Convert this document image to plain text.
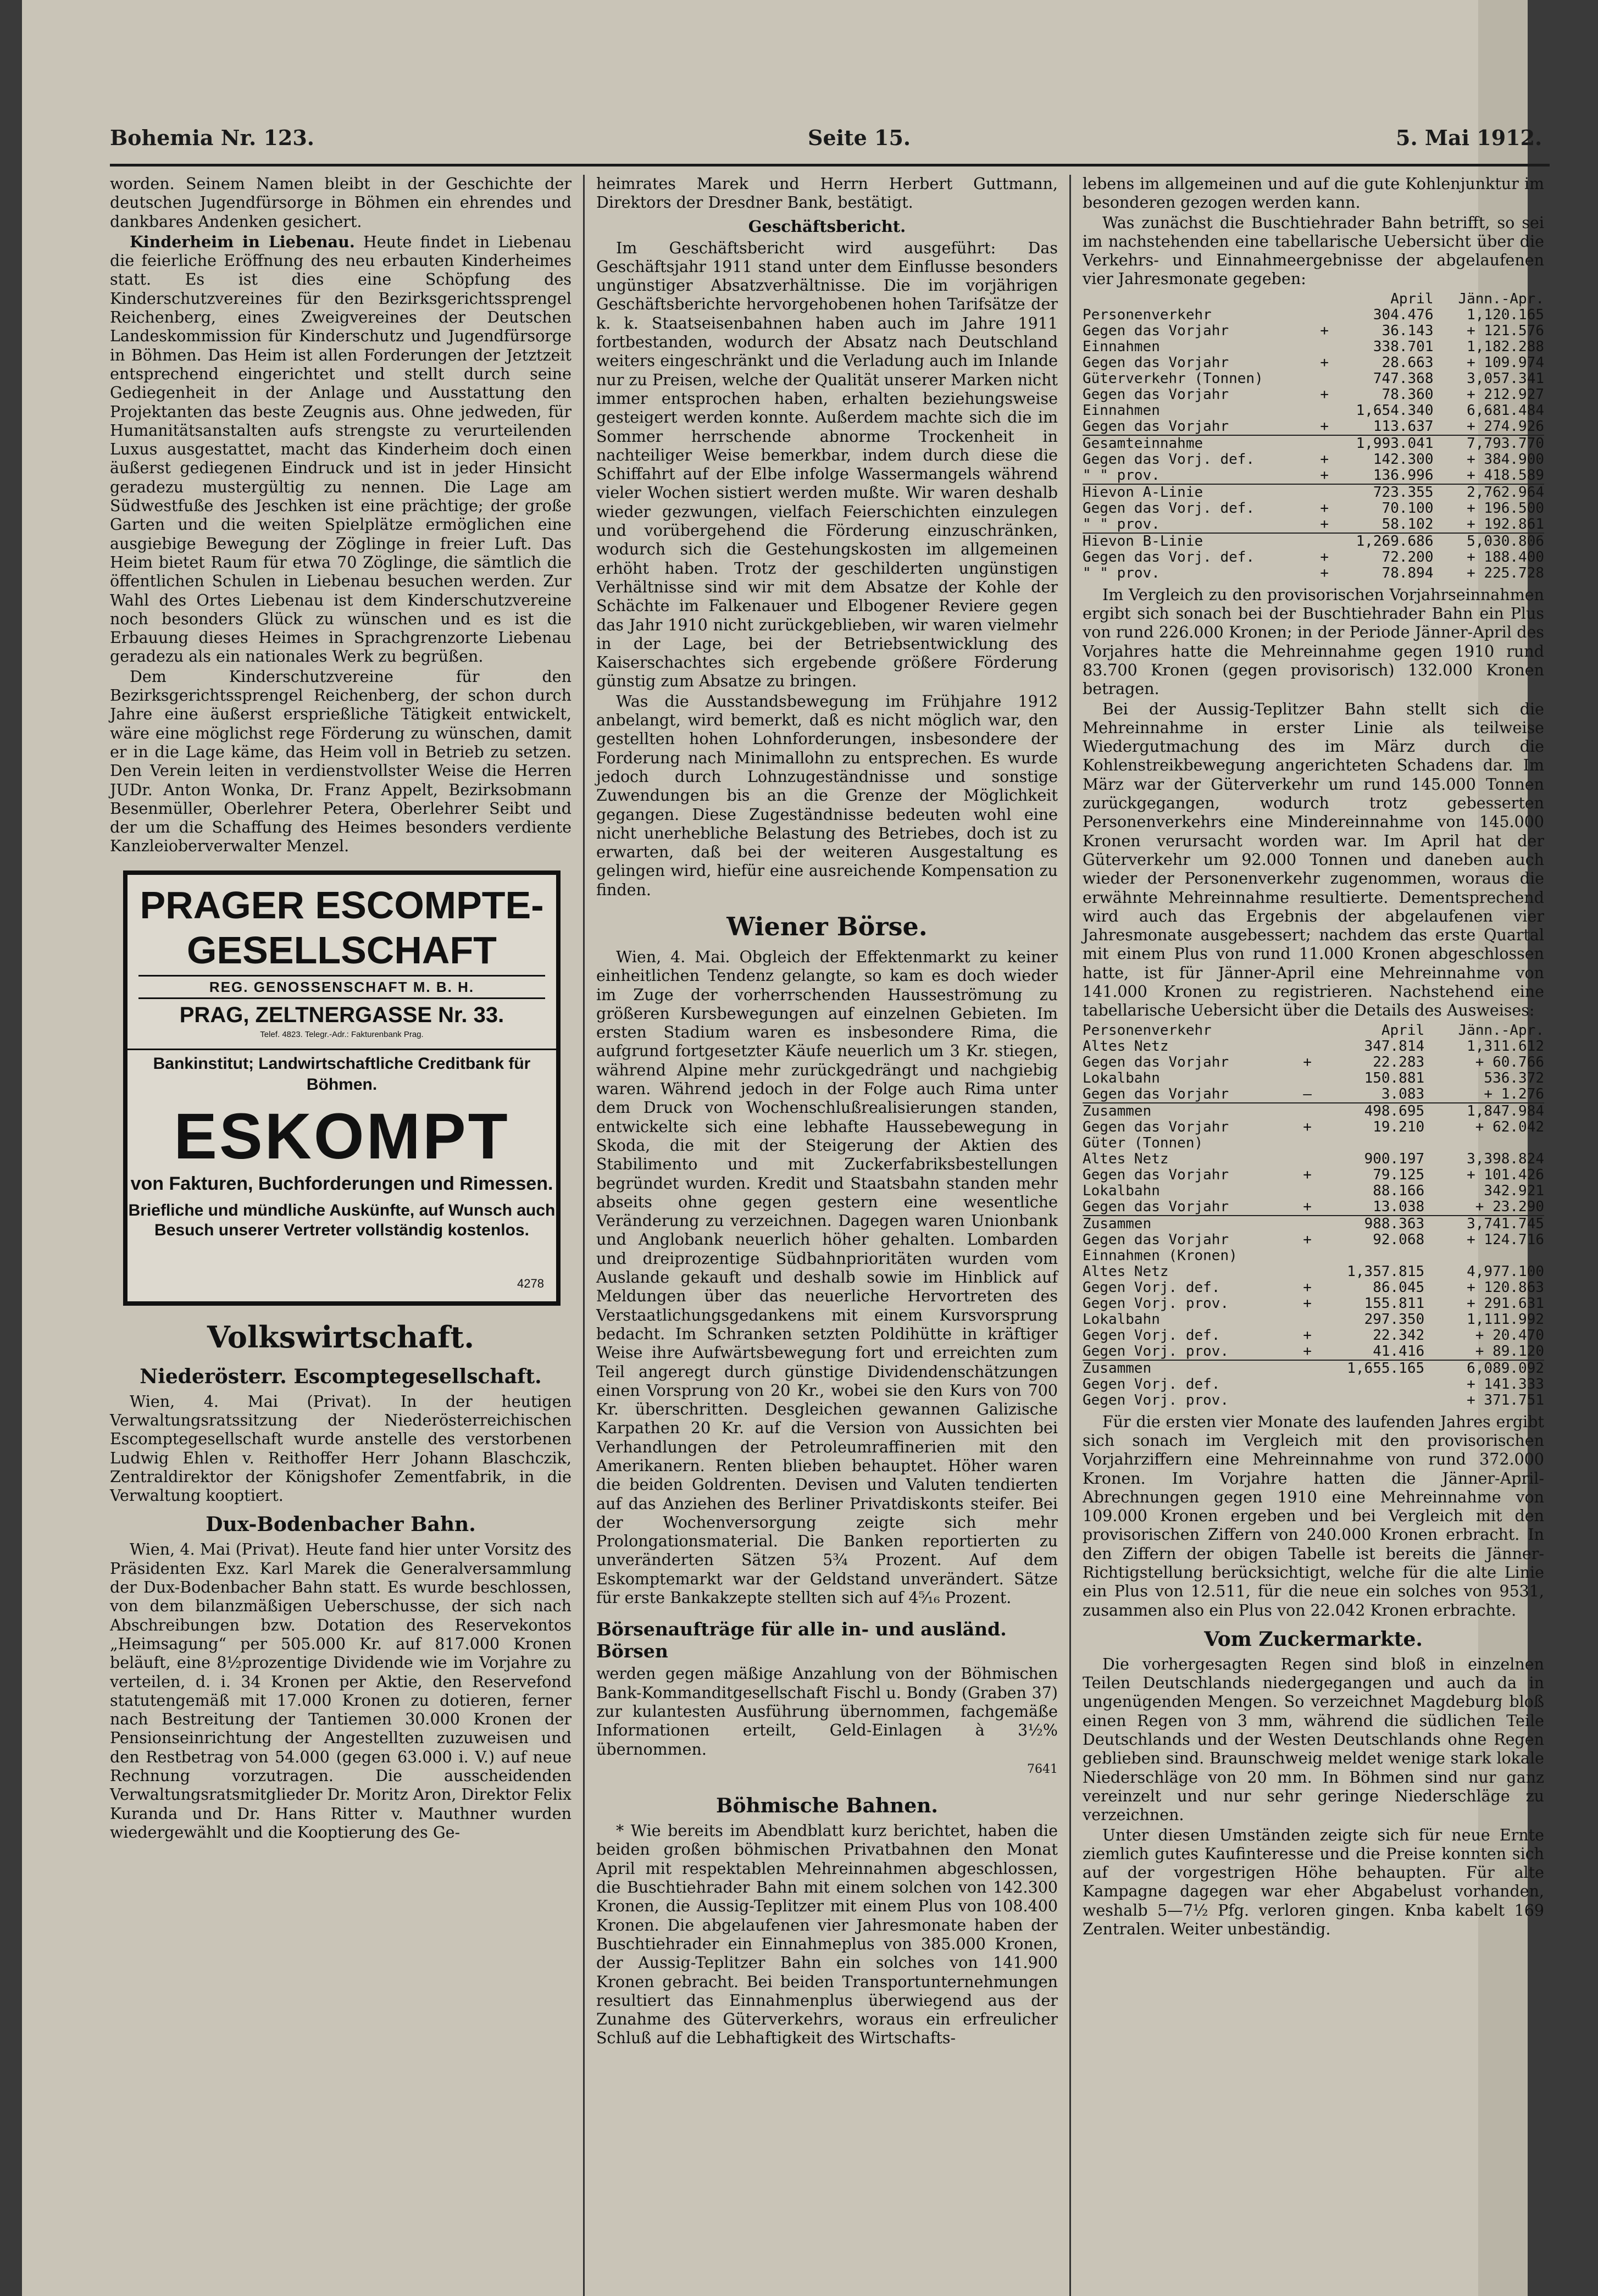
Bohemia Nr. 123.	Seite 15.	5. Mai 1912.

worden. Seinem Namen bleibt in der Geschichte der deutschen Jugendfürsorge in Böhmen ein ehrendes und dankbares Andenken gesichert.

Kinderheim in Liebenau. Heute findet in Liebenau die feierliche Eröffnung des neu erbauten Kinderheimes statt. Es ist dies eine Schöpfung des Kinderschutzvereines für den Bezirksgerichtssprengel Reichenberg, eines Zweigvereines der Deutschen Landeskommission für Kinderschutz und Jugendfürsorge in Böhmen. Das Heim ist allen Forderungen der Jetztzeit entsprechend eingerichtet und stellt durch seine Gediegenheit in der Anlage und Ausstattung den Projektanten das beste Zeugnis aus. Ohne jedweden, für Humanitätsanstalten aufs strengste zu verurteilenden Luxus ausgestattet, macht das Kinderheim doch einen äußerst gediegenen Eindruck und ist in jeder Hinsicht geradezu mustergültig zu nennen. Die Lage am Südwestfuße des Jeschken ist eine prächtige; der große Garten und die weiten Spielplätze ermöglichen eine ausgiebige Bewegung der Zöglinge in freier Luft. Das Heim bietet Raum für etwa 70 Zöglinge, die sämtlich die öffentlichen Schulen in Liebenau besuchen werden. Zur Wahl des Ortes Liebenau ist dem Kinderschutzvereine noch besonders Glück zu wünschen und es ist die Erbauung dieses Heimes in Sprachgrenzorte Liebenau geradezu als ein nationales Werk zu begrüßen.

Dem Kinderschutzvereine für den Bezirksgerichtssprengel Reichenberg, der schon durch Jahre eine äußerst ersprießliche Tätigkeit entwickelt, wäre eine möglichst rege Förderung zu wünschen, damit er in die Lage käme, das Heim voll in Betrieb zu setzen. Den Verein leiten in verdienstvollster Weise die Herren JUDr. Anton Wonka, Dr. Franz Appelt, Bezirksobmann Besenmüller, Oberlehrer Petera, Oberlehrer Seibt und der um die Schaffung des Heimes besonders verdiente Kanzleioberverwalter Menzel.

PRAGER ESCOMPTE-
GESELLSCHAFT
REG. GENOSSENSCHAFT M. B. H.
PRAG, ZELTNERGASSE Nr. 33.
Telef. 4823. Telegr.-Adr.: Fakturenbank Prag.
Bankinstitut; Landwirtschaftliche Creditbank für Böhmen.
ESKOMPT
von Fakturen, Buchforderungen und Rimessen.
Briefliche und mündliche Auskünfte, auf Wunsch auch Besuch unserer Vertreter vollständig kostenlos.
4278
Volkswirtschaft.
Niederösterr. Escomptegesellschaft.

Wien, 4. Mai (Privat). In der heutigen Verwaltungsratssitzung der Niederösterreichischen Escomptegesellschaft wurde anstelle des verstorbenen Ludwig Ehlen v. Reithoffer Herr Johann Blaschczik, Zentraldirektor der Königshofer Zementfabrik, in die Verwaltung kooptiert.

Dux-Bodenbacher Bahn.

Wien, 4. Mai (Privat). Heute fand hier unter Vorsitz des Präsidenten Exz. Karl Marek die Generalversammlung der Dux-Bodenbacher Bahn statt. Es wurde beschlossen, von dem bilanzmäßigen Ueberschusse, der sich nach Abschreibungen bzw. Dotation des Reservekontos „Heimsagung“ per 505.000 Kr. auf 817.000 Kronen beläuft, eine 8½prozentige Dividende wie im Vorjahre zu verteilen, d. i. 34 Kronen per Aktie, den Reservefond statutengemäß mit 17.000 Kronen zu dotieren, ferner nach Bestreitung der Tantiemen 30.000 Kronen der Pensionseinrichtung der Angestellten zuzuweisen und den Restbetrag von 54.000 (gegen 63.000 i. V.) auf neue Rechnung vorzutragen. Die ausscheidenden Verwaltungsratsmitglieder Dr. Moritz Aron, Direktor Felix Kuranda und Dr. Hans Ritter v. Mauthner wurden wiedergewählt und die Kooptierung des Ge-

heimrates Marek und Herrn Herbert Guttmann, Direktors der Dresdner Bank, bestätigt.

Geschäftsbericht.

Im Geschäftsbericht wird ausgeführt: Das Geschäftsjahr 1911 stand unter dem Einflusse besonders ungünstiger Absatzverhältnisse. Die im vorjährigen Geschäftsberichte hervorgehobenen hohen Tarifsätze der k. k. Staatseisenbahnen haben auch im Jahre 1911 fortbestanden, wodurch der Absatz nach Deutschland weiters eingeschränkt und die Verladung auch im Inlande nur zu Preisen, welche der Qualität unserer Marken nicht immer entsprochen haben, erhalten beziehungsweise gesteigert werden konnte. Außerdem machte sich die im Sommer herrschende abnorme Trockenheit in nachteiliger Weise bemerkbar, indem durch diese die Schiffahrt auf der Elbe infolge Wassermangels während vieler Wochen sistiert werden mußte. Wir waren deshalb wieder gezwungen, vielfach Feierschichten einzulegen und vorübergehend die Förderung einzuschränken, wodurch sich die Gestehungskosten im allgemeinen erhöht haben. Trotz der geschilderten ungünstigen Verhältnisse sind wir mit dem Absatze der Kohle der Schächte im Falkenauer und Elbogener Reviere gegen das Jahr 1910 nicht zurückgeblieben, wir waren vielmehr in der Lage, bei der Betriebsentwicklung des Kaiserschachtes sich ergebende größere Förderung günstig zum Absatze zu bringen.

Was die Ausstandsbewegung im Frühjahre 1912 anbelangt, wird bemerkt, daß es nicht möglich war, den gestellten hohen Lohnforderungen, insbesondere der Forderung nach Minimallohn zu entsprechen. Es wurde jedoch durch Lohnzugeständnisse und sonstige Zuwendungen bis an die Grenze der Möglichkeit gegangen. Diese Zugeständnisse bedeuten wohl eine nicht unerhebliche Belastung des Betriebes, doch ist zu erwarten, daß bei der weiteren Ausgestaltung es gelingen wird, hiefür eine ausreichende Kompensation zu finden.

Wiener Börse.

Wien, 4. Mai. Obgleich der Effektenmarkt zu keiner einheitlichen Tendenz gelangte, so kam es doch wieder im Zuge der vorherrschenden Hausseströmung zu größeren Kursbewegungen auf einzelnen Gebieten. Im ersten Stadium waren es insbesondere Rima, die aufgrund fortgesetzter Käufe neuerlich um 3 Kr. stiegen, während Alpine mehr zurückgedrängt und nachgiebig waren. Während jedoch in der Folge auch Rima unter dem Druck von Wochenschlußrealisierungen standen, entwickelte sich eine lebhafte Haussebewegung in Skoda, die mit der Steigerung der Aktien des Stabilimento und mit Zuckerfabriksbestellungen begründet wurden. Kredit und Staatsbahn standen mehr abseits ohne gegen gestern eine wesentliche Veränderung zu verzeichnen. Dagegen waren Unionbank und Anglobank neuerlich höher gehalten. Lombarden und dreiprozentige Südbahnprioritäten wurden vom Auslande gekauft und deshalb sowie im Hinblick auf Meldungen über das neuerliche Hervortreten des Verstaatlichungsgedankens mit einem Kursvorsprung bedacht. Im Schranken setzten Poldihütte in kräftiger Weise ihre Aufwärtsbewegung fort und erreichten zum Teil angeregt durch günstige Dividendenschätzungen einen Vorsprung von 20 Kr., wobei sie den Kurs von 700 Kr. überschritten. Desgleichen gewannen Galizische Karpathen 20 Kr. auf die Version von Aussichten bei Verhandlungen der Petroleumraffinerien mit den Amerikanern. Renten blieben behauptet. Höher waren die beiden Goldrenten. Devisen und Valuten tendierten auf das Anziehen des Berliner Privatdiskonts steifer. Bei der Wochenversorgung zeigte sich mehr Prolongationsmaterial. Die Banken reportierten zu unveränderten Sätzen 5¾ Prozent. Auf dem Eskomptemarkt war der Geldstand unverändert. Sätze für erste Bankakzepte stellten sich auf 4⁵⁄₁₆ Prozent.

Börsenaufträge für alle in- und ausländ. Börsen

werden gegen mäßige Anzahlung von der Böhmischen Bank-Kommanditgesellschaft Fischl u. Bondy (Graben 37) zur kulantesten Ausführung übernommen, fachgemäße Informationen erteilt, Geld-Einlagen à 3½% übernommen.

7641
Böhmische Bahnen.

* Wie bereits im Abendblatt kurz berichtet, haben die beiden großen böhmischen Privatbahnen den Monat April mit respektablen Mehreinnahmen abgeschlossen, die Buschtiehrader Bahn mit einem solchen von 142.300 Kronen, die Aussig-Teplitzer mit einem Plus von 108.400 Kronen. Die abgelaufenen vier Jahresmonate haben der Buschtiehrader ein Einnahmeplus von 385.000 Kronen, der Aussig-Teplitzer Bahn ein solches von 141.900 Kronen gebracht. Bei beiden Transportunternehmungen resultiert das Einnahmenplus überwiegend aus der Zunahme des Güterverkehrs, woraus ein erfreulicher Schluß auf die Lebhaftigkeit des Wirtschafts-

lebens im allgemeinen und auf die gute Kohlenjunktur im besonderen gezogen werden kann.

Was zunächst die Buschtiehrader Bahn betrifft, so sei im nachstehenden eine tabellarische Uebersicht über die Verkehrs- und Einnahmeergebnisse der abgelaufenen vier Jahresmonate gegeben:

		April	Jänn.-Apr.
Personenverkehr		304.476	1,120.165
Gegen das Vorjahr	+	36.143	+ 121.576
Einnahmen		338.701	1,182.288
Gegen das Vorjahr	+	28.663	+ 109.974
Güterverkehr (Tonnen)		747.368	3,057.341
Gegen das Vorjahr	+	78.360	+ 212.927
Einnahmen		1,654.340	6,681.484
Gegen das Vorjahr	+	113.637	+ 274.926
Gesamteinnahme		1,993.041	7,793.770
Gegen das Vorj. def.	+	142.300	+ 384.900
" " prov.	+	136.996	+ 418.589
Hievon A-Linie		723.355	2,762.964
Gegen das Vorj. def.	+	70.100	+ 196.500
" " prov.	+	58.102	+ 192.861
Hievon B-Linie		1,269.686	5,030.806
Gegen das Vorj. def.	+	72.200	+ 188.400
" " prov.	+	78.894	+ 225.728

Im Vergleich zu den provisorischen Vorjahrseinnahmen ergibt sich sonach bei der Buschtiehrader Bahn ein Plus von rund 226.000 Kronen; in der Periode Jänner-April des Vorjahres hatte die Mehreinnahme gegen 1910 rund 83.700 Kronen (gegen provisorisch) 132.000 Kronen betragen.

Bei der Aussig-Teplitzer Bahn stellt sich die Mehreinnahme in erster Linie als teilweise Wiedergutmachung des im März durch die Kohlenstreikbewegung angerichteten Schadens dar. Im März war der Güterverkehr um rund 145.000 Tonnen zurückgegangen, wodurch trotz gebesserten Personenverkehrs eine Mindereinnahme von 145.000 Kronen verursacht worden war. Im April hat der Güterverkehr um 92.000 Tonnen und daneben auch wieder der Personenverkehr zugenommen, woraus die erwähnte Mehreinnahme resultierte. Dementsprechend wird auch das Ergebnis der abgelaufenen vier Jahresmonate ausgebessert; nachdem das erste Quartal mit einem Plus von rund 11.000 Kronen abgeschlossen hatte, ist für Jänner-April eine Mehreinnahme von 141.000 Kronen zu registrieren. Nachstehend eine tabellarische Uebersicht über die Details des Ausweises:

Personenverkehr		April	Jänn.-Apr.
Altes Netz		347.814	1,311.612
Gegen das Vorjahr	+	22.283	+ 60.766
Lokalbahn		150.881	536.372
Gegen das Vorjahr	—	3.083	+ 1.276
Zusammen		498.695	1,847.984
Gegen das Vorjahr	+	19.210	+ 62.042
Güter (Tonnen)			
Altes Netz		900.197	3,398.824
Gegen das Vorjahr	+	79.125	+ 101.426
Lokalbahn		88.166	342.921
Gegen das Vorjahr	+	13.038	+ 23.290
Zusammen		988.363	3,741.745
Gegen das Vorjahr	+	92.068	+ 124.716
Einnahmen (Kronen)			
Altes Netz		1,357.815	4,977.100
Gegen Vorj. def.	+	86.045	+ 120.863
Gegen Vorj. prov.	+	155.811	+ 291.631
Lokalbahn		297.350	1,111.992
Gegen Vorj. def.	+	22.342	+ 20.470
Gegen Vorj. prov.	+	41.416	+ 89.120
Zusammen		1,655.165	6,089.092
Gegen Vorj. def.			+ 141.333
Gegen Vorj. prov.			+ 371.751

Für die ersten vier Monate des laufenden Jahres ergibt sich sonach im Vergleich mit den provisorischen Vorjahrziffern eine Mehreinnahme von rund 372.000 Kronen. Im Vorjahre hatten die Jänner-April-Abrechnungen gegen 1910 eine Mehreinnahme von 109.000 Kronen ergeben und bei Vergleich mit den provisorischen Ziffern von 240.000 Kronen erbracht. In den Ziffern der obigen Tabelle ist bereits die Jänner-Richtigstellung berücksichtigt, welche für die alte Linie ein Plus von 12.511, für die neue ein solches von 9531, zusammen also ein Plus von 22.042 Kronen erbrachte.

Vom Zuckermarkte.

Die vorhergesagten Regen sind bloß in einzelnen Teilen Deutschlands niedergegangen und auch da in ungenügenden Mengen. So verzeichnet Magdeburg bloß einen Regen von 3 mm, während die südlichen Teile Deutschlands und der Westen Deutschlands ohne Regen geblieben sind. Braunschweig meldet wenige stark lokale Niederschläge von 20 mm. In Böhmen sind nur ganz vereinzelt und nur sehr geringe Niederschläge zu verzeichnen.

Unter diesen Umständen zeigte sich für neue Ernte ziemlich gutes Kaufinteresse und die Preise konnten sich auf der vorgestrigen Höhe behaupten. Für alte Kampagne dagegen war eher Abgabelust vorhanden, weshalb 5—7½ Pfg. verloren gingen. Knba kabelt 169 Zentralen. Weiter unbeständig.
